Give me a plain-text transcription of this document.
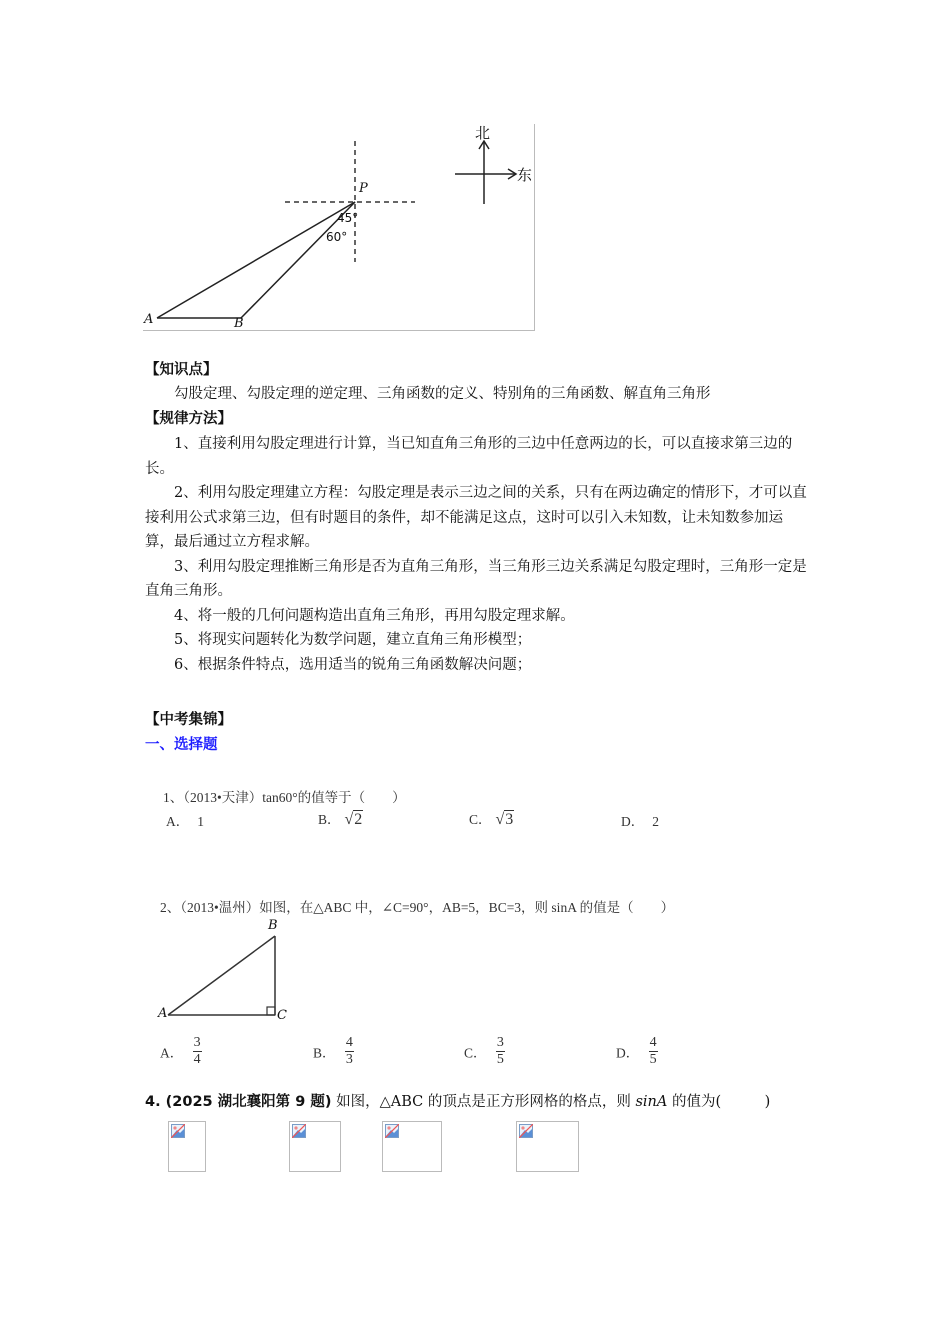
北
东
P
45°
60°
A	B
【知识点】
勾股定理、勾股定理的逆定理、三角函数的定义、特别角的三角函数、解直角三角形
【规律方法】
1、直接利用勾股定理进行计算，当已知直角三角形的三边中任意两边的长，可以直接求第三边的长。
2、利用勾股定理建立方程：勾股定理是表示三边之间的关系，只有在两边确定的情形下，才可以直接利用公式求第三边，但有时题目的条件，却不能满足这点，这时可以引入未知数，让未知数参加运算，最后通过立方程求解。
3、利用勾股定理推断三角形是否为直角三角形，当三角形三边关系满足勾股定理时，三角形一定是直角三角形。
4、将一般的几何问题构造出直角三角形，再用勾股定理求解。
5、将现实问题转化为数学问题，建立直角三角形模型；
6、根据条件特点，选用适当的锐角三角函数解决问题；
【中考集锦】
一、选择题
1、（2013•天津）tan60°的值等于（　　）
A． 1	B． √2	C． √3	D． 2
2、（2013•温州）如图，在△ABC 中，∠C=90°，AB=5，BC=3，则 sinA 的值是（　　）
A
B
C
A． $\frac{3}{4}$	B． $\frac{4}{3}$	C． $\frac{3}{5}$	D． $\frac{4}{5}$
4. (2025 湖北襄阳第 9 题) 如图，△ABC 的顶点是正方形网格的格点，则 sinA 的值为(　　　)
